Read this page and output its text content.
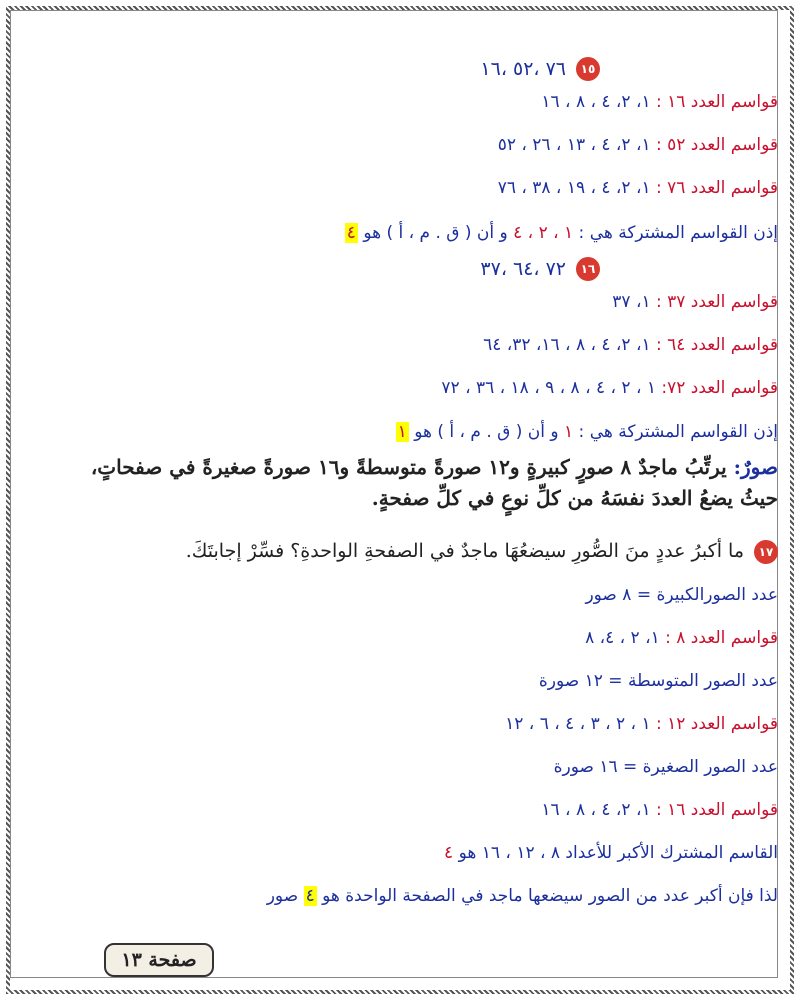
١٥٧٦ ،٥٢ ،١٦
قواسم العدد ١٦ : ١، ٢، ٤ ، ٨ ، ١٦
قواسم العدد ٥٢ : ١، ٢، ٤ ، ١٣ ، ٢٦ ، ٥٢
قواسم العدد ٧٦ : ١، ٢، ٤ ، ١٩ ، ٣٨ ، ٧٦
إذن القواسم المشتركة هي : ١ ، ٢ ، ٤ و أن ( ق . م ، أ ) هو ٤
١٦٧٢ ،٦٤ ،٣٧
قواسم العدد ٣٧ : ١، ٣٧
قواسم العدد ٦٤ : ١، ٢، ٤ ، ٨ ، ١٦، ٣٢، ٦٤
قواسم العدد ٧٢: ١ ، ٢ ، ٤ ، ٨ ، ٩ ، ١٨ ، ٣٦ ، ٧٢
إذن القواسم المشتركة هي : ١ و أن ( ق . م ، أ ) هو ١
صورٌ: يرتِّبُ ماجدٌ ٨ صورٍ كبيرةٍ و١٢ صورةً متوسطةً و١٦ صورةً صغيرةً في صفحاتٍ،
حيثُ يضعُ العددَ نفسَهُ من كلِّ نوعٍ في كلِّ صفحةٍ.
١٧ما أكبرُ عددٍ منَ الصُّورِ سيضعُهَا ماجدٌ في الصفحةِ الواحدةِ؟ فسِّرْ إجابتَكَ.
عدد الصورالكبيرة = ٨ صور
قواسم العدد ٨ : ١، ٢ ، ٤، ٨
عدد الصور المتوسطة = ١٢ صورة
قواسم العدد ١٢ : ١ ، ٢ ، ٣ ، ٤ ، ٦ ، ١٢
عدد الصور الصغيرة = ١٦ صورة
قواسم العدد ١٦ : ١، ٢، ٤ ، ٨ ، ١٦
القاسم المشترك الأكبر للأعداد ٨ ، ١٢ ، ١٦ هو ٤
لذا فإن أكبر عدد من الصور سيضعها ماجد في الصفحة الواحدة هو ٤ صور
صفحة ١٣
